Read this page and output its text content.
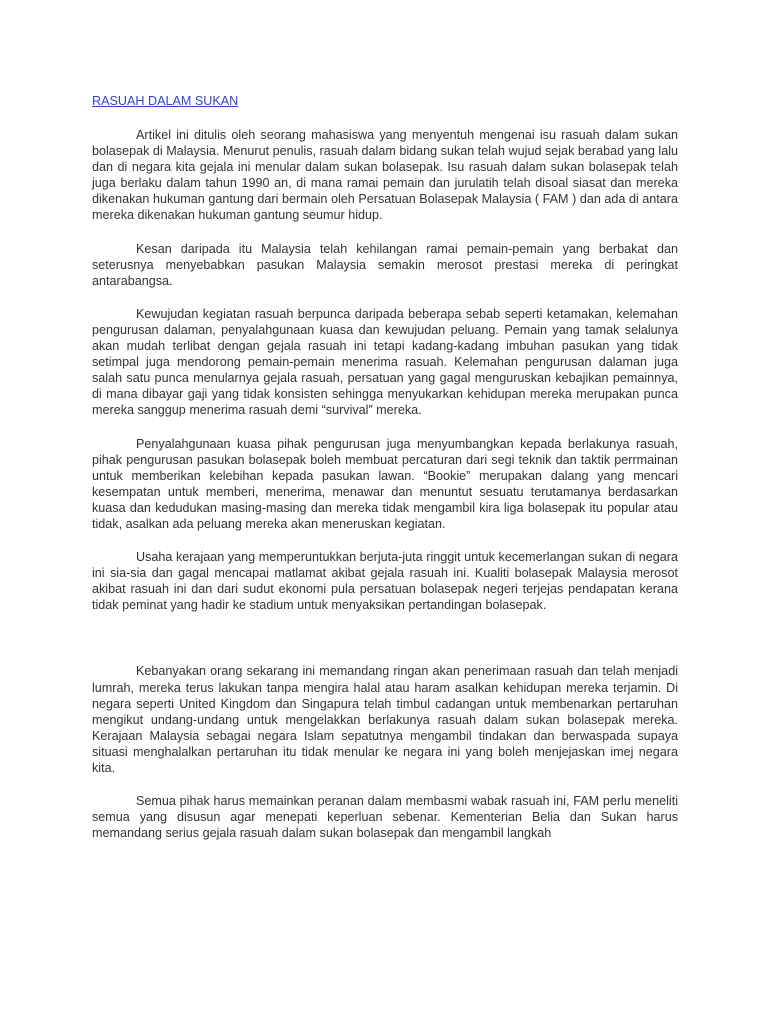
RASUAH DALAM SUKAN

Artikel ini ditulis oleh seorang mahasiswa yang menyentuh mengenai isu rasuah dalam sukan bolasepak di Malaysia. Menurut penulis, rasuah dalam bidang sukan telah wujud sejak berabad yang lalu dan di negara kita gejala ini menular dalam sukan bolasepak. Isu rasuah dalam sukan bolasepak telah juga berlaku dalam tahun 1990 an, di mana ramai pemain dan jurulatih telah disoal siasat dan mereka dikenakan hukuman gantung dari bermain oleh Persatuan Bolasepak Malaysia ( FAM ) dan ada di antara mereka dikenakan hukuman gantung seumur hidup.

Kesan daripada itu Malaysia telah kehilangan ramai pemain-pemain yang berbakat dan seterusnya menyebabkan pasukan Malaysia semakin merosot prestasi mereka di peringkat antarabangsa.

Kewujudan kegiatan rasuah berpunca daripada beberapa sebab seperti ketamakan, kelemahan pengurusan dalaman, penyalahgunaan kuasa dan kewujudan peluang. Pemain yang tamak selalunya akan mudah terlibat dengan gejala rasuah ini tetapi kadang-kadang imbuhan pasukan yang tidak setimpal juga mendorong pemain-pemain menerima rasuah. Kelemahan pengurusan dalaman juga salah satu punca menularnya gejala rasuah, persatuan yang gagal menguruskan kebajikan pemainnya, di mana dibayar gaji yang tidak konsisten sehingga menyukarkan kehidupan mereka merupakan punca mereka sanggup menerima rasuah demi “survival” mereka.

Penyalahgunaan kuasa pihak pengurusan juga menyumbangkan kepada berlakunya rasuah, pihak pengurusan pasukan bolasepak boleh membuat percaturan dari segi teknik dan taktik perrmainan untuk memberikan kelebihan kepada pasukan lawan. “Bookie” merupakan dalang yang mencari kesempatan untuk memberi, menerima, menawar dan menuntut sesuatu terutamanya berdasarkan kuasa dan kedudukan masing-masing dan mereka tidak mengambil kira liga bolasepak itu popular atau tidak, asalkan ada peluang mereka akan meneruskan kegiatan.

Usaha kerajaan yang memperuntukkan berjuta-juta ringgit untuk kecemerlangan sukan di negara ini sia-sia dan gagal mencapai matlamat akibat gejala rasuah ini. Kualiti bolasepak Malaysia merosot akibat rasuah ini dan dari sudut ekonomi pula persatuan bolasepak negeri terjejas pendapatan kerana tidak peminat yang hadir ke stadium untuk menyaksikan pertandingan bolasepak.

Kebanyakan orang sekarang ini memandang ringan akan penerimaan rasuah dan telah menjadi lumrah, mereka terus lakukan tanpa mengira halal atau haram asalkan kehidupan mereka terjamin. Di negara seperti United Kingdom dan Singapura telah timbul cadangan untuk membenarkan pertaruhan mengikut undang-undang untuk mengelakkan berlakunya rasuah dalam sukan bolasepak mereka. Kerajaan Malaysia sebagai negara Islam sepatutnya mengambil tindakan dan berwaspada supaya situasi menghalalkan pertaruhan itu tidak menular ke negara ini yang boleh menjejaskan imej negara kita.

Semua pihak harus memainkan peranan dalam membasmi wabak rasuah ini, FAM perlu meneliti semua yang disusun agar menepati keperluan sebenar. Kementerian Belia dan Sukan harus memandang serius gejala rasuah dalam sukan bolasepak dan mengambil langkah
